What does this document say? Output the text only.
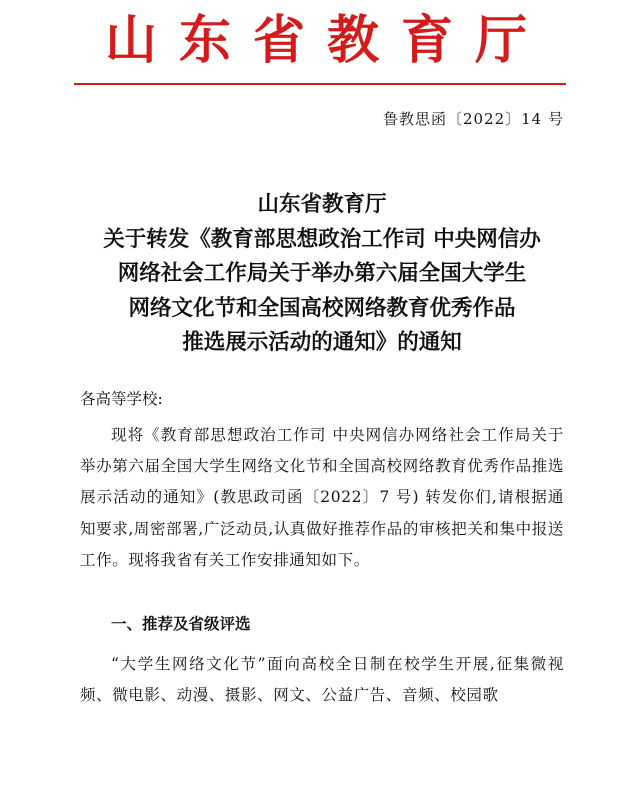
山东省教育厅
鲁教思函〔2022〕14 号
山东省教育厅
关于转发《教育部思想政治工作司 中央网信办
网络社会工作局关于举办第六届全国大学生
网络文化节和全国高校网络教育优秀作品
推选展示活动的通知》的通知
各高等学校:

现将《教育部思想政治工作司 中央网信办网络社会工作局关于举办第六届全国大学生网络文化节和全国高校网络教育优秀作品推选展示活动的通知》(教思政司函〔2022〕7 号) 转发你们,请根据通知要求,周密部署,广泛动员,认真做好推荐作品的审核把关和集中报送工作。现将我省有关工作安排通知如下。

一、推荐及省级评选

“大学生网络文化节”面向高校全日制在校学生开展,征集微视频、微电影、动漫、摄影、网文、公益广告、音频、校园歌
